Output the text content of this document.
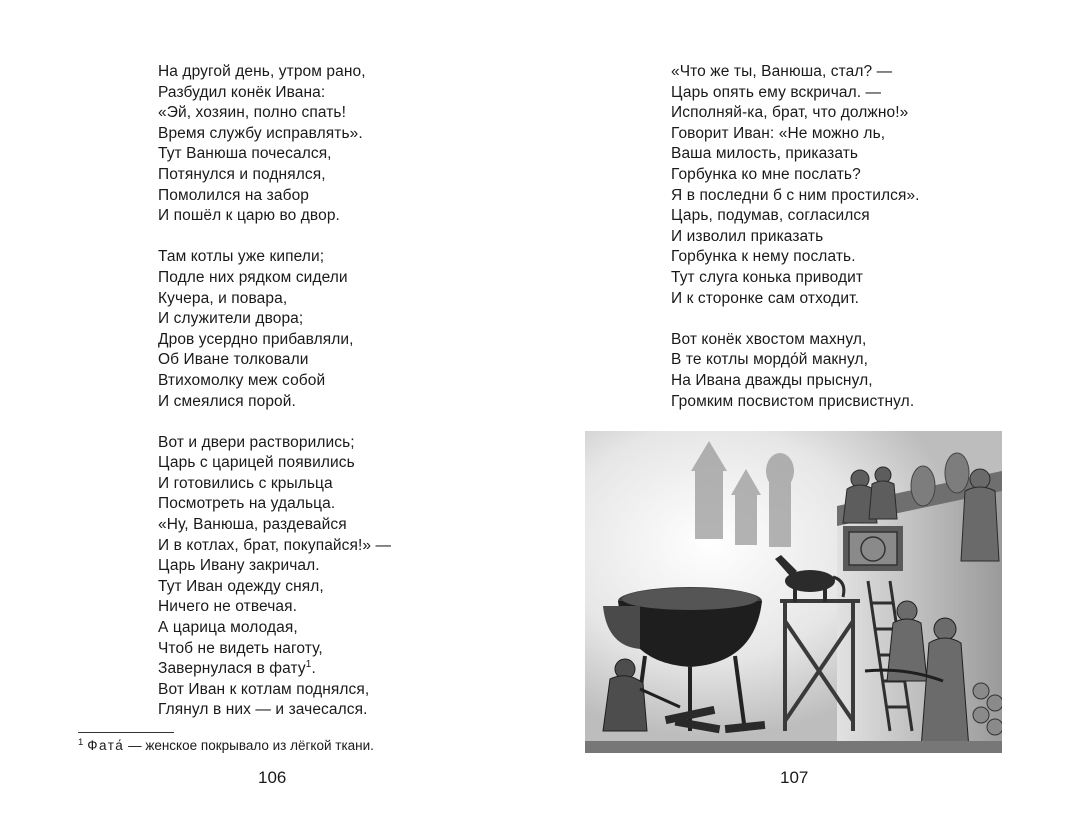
На другой день, утром рано,
Разбудил конёк Ивана:
«Эй, хозяин, полно спать!
Время службу исправлять».
Тут Ванюша почесался,
Потянулся и поднялся,
Помолился на забор
И пошёл к царю во двор.
Там котлы уже кипели;
Подле них рядком сидели
Кучера, и повара,
И служители двора;
Дров усердно прибавляли,
Об Иване толковали
Втихомолку меж собой
И смеялися порой.
Вот и двери растворились;
Царь с царицей появились
И готовились с крыльца
Посмотреть на удальца.
«Ну, Ванюша, раздевайся
И в котлах, брат, покупайся!» —
Царь Ивану закричал.
Тут Иван одежду снял,
Ничего не отвечая.
А царица молодая,
Чтоб не видеть наготу,
Завернулася в фату$^1$.
Вот Иван к котлам поднялся,
Глянул в них — и зачесался.
$^1$ Фата́ — женское покрывало из лёгкой ткани.
106
«Что же ты, Ванюша, стал? —
Царь опять ему вскричал. —
Исполняй-ка, брат, что должно!»
Говорит Иван: «Не можно ль,
Ваша милость, приказать
Горбунка ко мне послать?
Я в последни б с ним простился».
Царь, подумав, согласился
И изволил приказать
Горбунка к нему послать.
Тут слуга конька приводит
И к сторонке сам отходит.
Вот конёк хвостом махнул,
В те котлы мордо́й макнул,
На Ивана дважды прыснул,
Громким посвистом присвистнул.
107
